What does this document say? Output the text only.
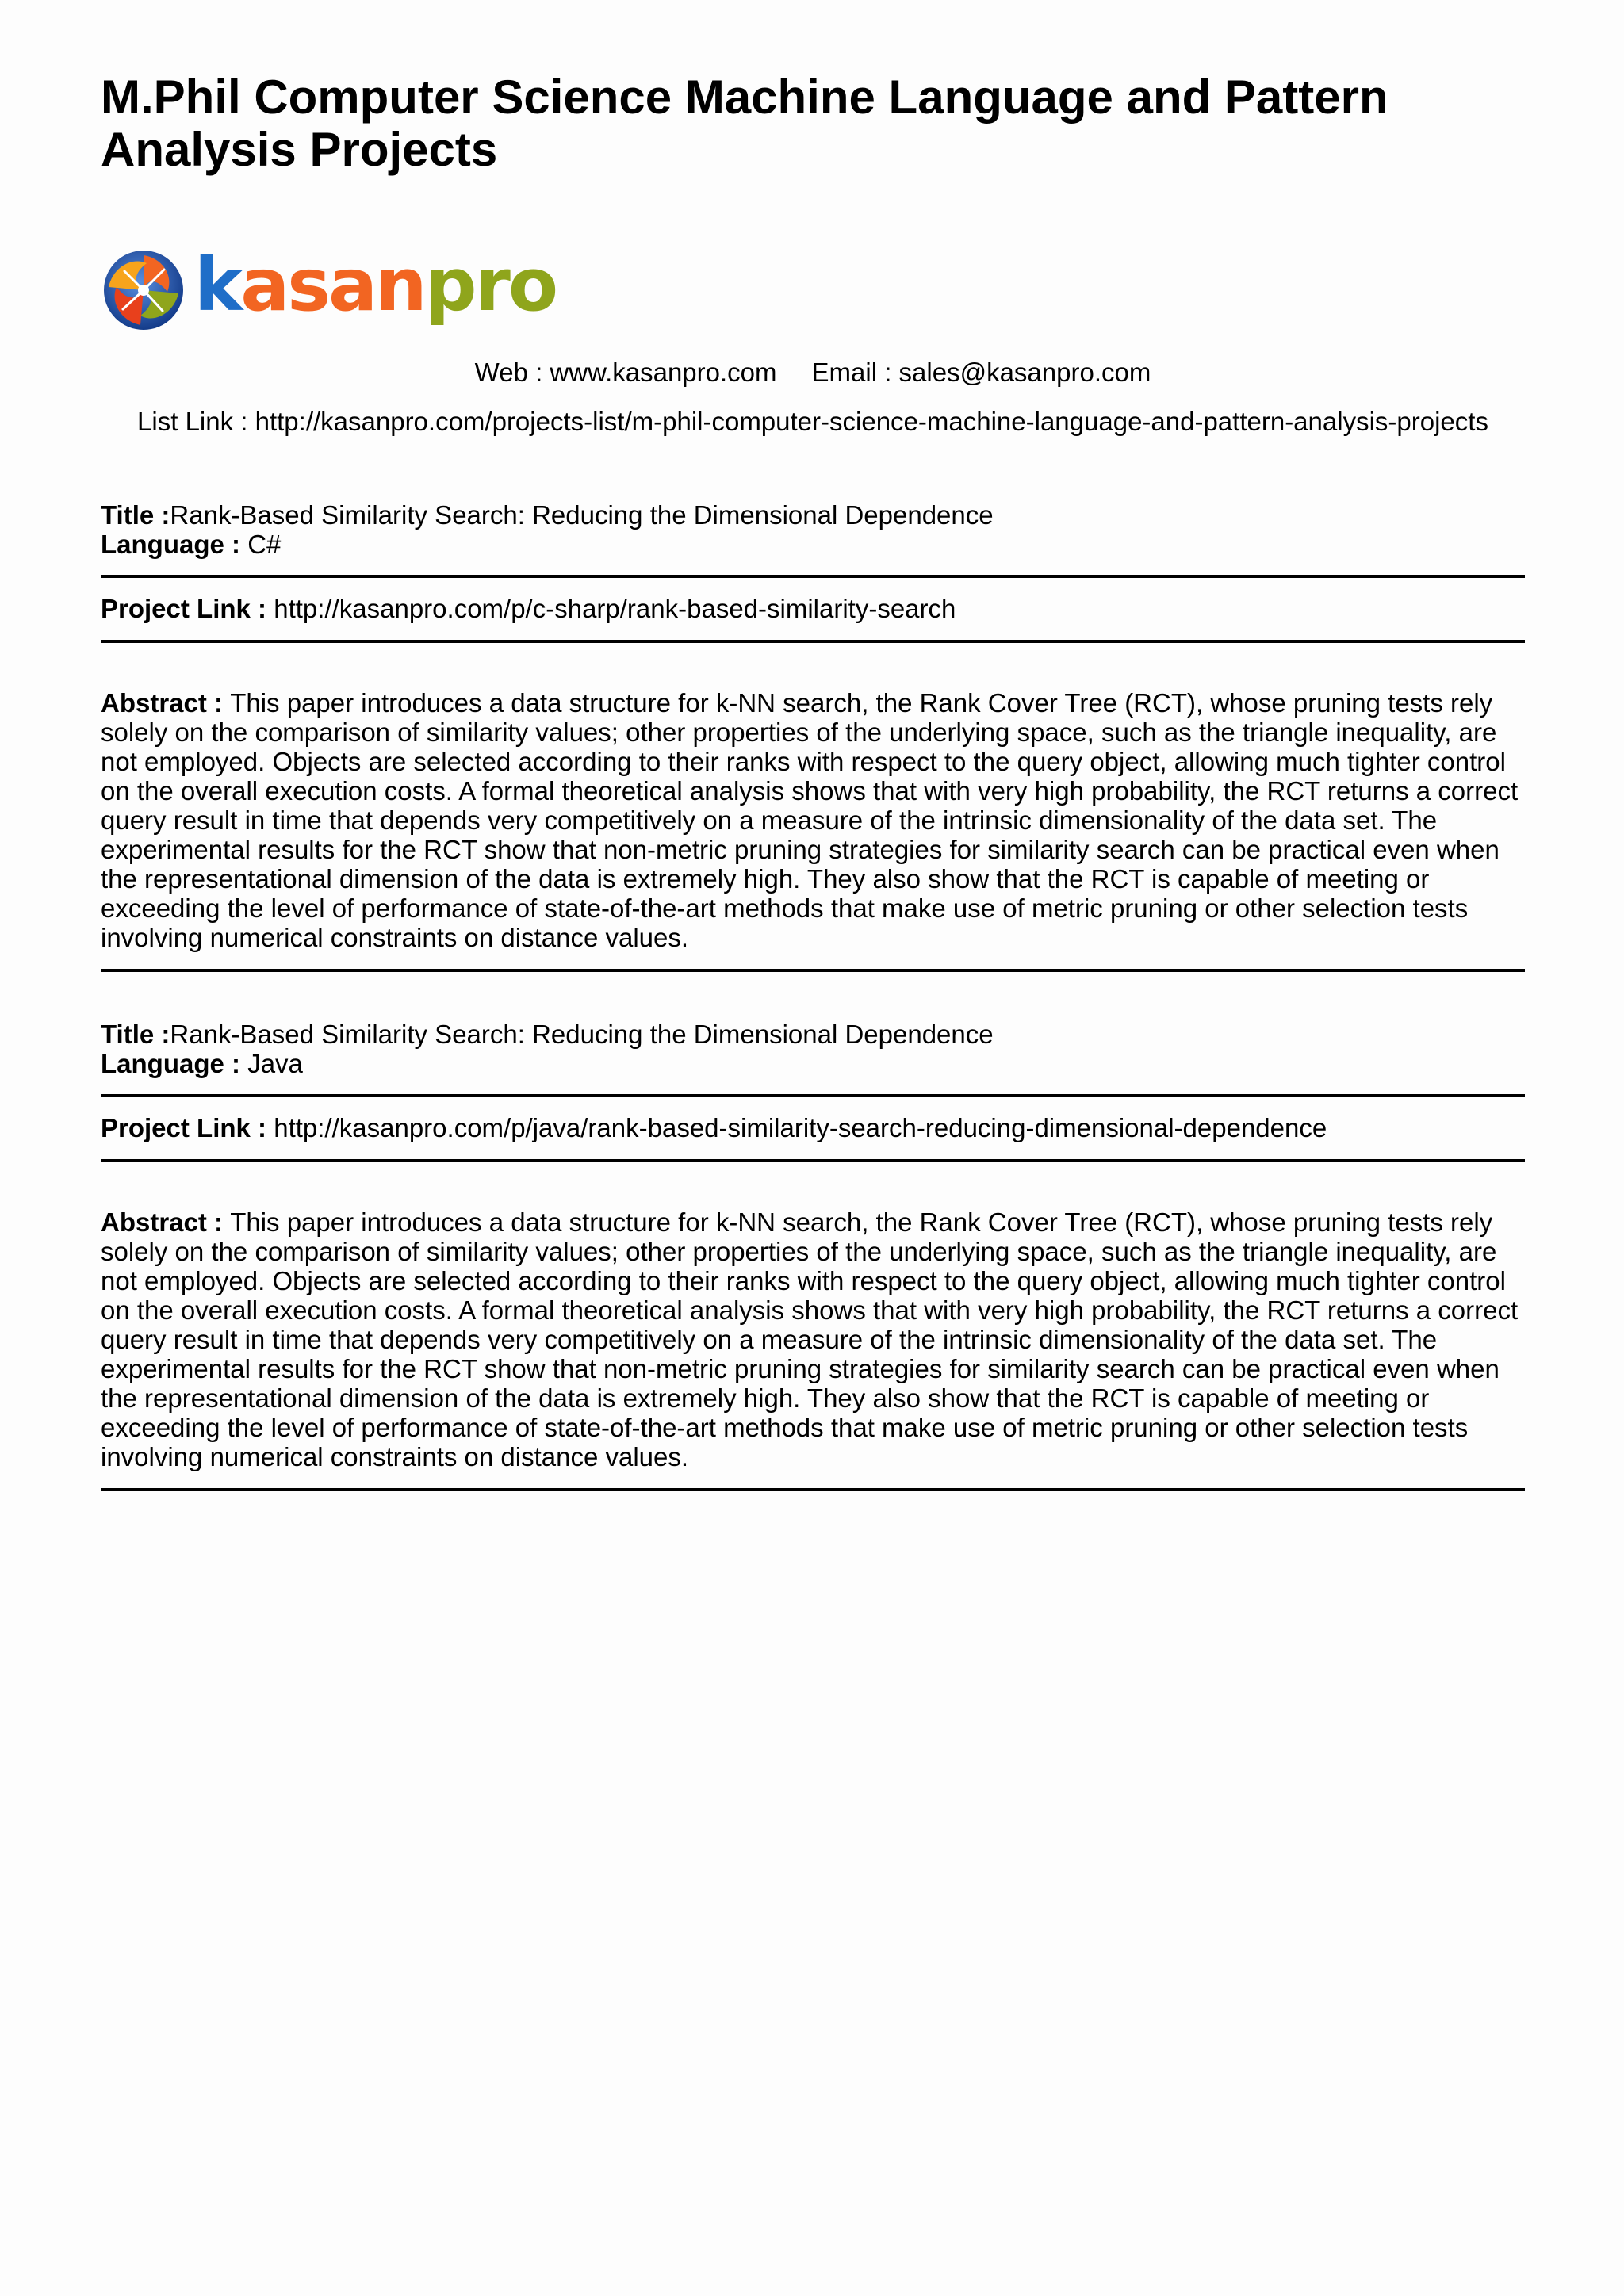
M.Phil Computer Science Machine Language and Pattern Analysis Projects
kasanpro
Web : www.kasanpro.com Email : sales@kasanpro.com
List Link : http://kasanpro.com/projects-list/m-phil-computer-science-machine-language-and-pattern-analysis-projects
Title :Rank-Based Similarity Search: Reducing the Dimensional Dependence
Language : C#
Project Link : http://kasanpro.com/p/c-sharp/rank-based-similarity-search
Abstract : This paper introduces a data structure for k-NN search, the Rank Cover Tree (RCT), whose pruning tests rely solely on the comparison of similarity values; other properties of the underlying space, such as the triangle inequality, are not employed. Objects are selected according to their ranks with respect to the query object, allowing much tighter control on the overall execution costs. A formal theoretical analysis shows that with very high probability, the RCT returns a correct query result in time that depends very competitively on a measure of the intrinsic dimensionality of the data set. The experimental results for the RCT show that non-metric pruning strategies for similarity search can be practical even when the representational dimension of the data is extremely high. They also show that the RCT is capable of meeting or exceeding the level of performance of state-of-the-art methods that make use of metric pruning or other selection tests involving numerical constraints on distance values.
Title :Rank-Based Similarity Search: Reducing the Dimensional Dependence
Language : Java
Project Link : http://kasanpro.com/p/java/rank-based-similarity-search-reducing-dimensional-dependence
Abstract : This paper introduces a data structure for k-NN search, the Rank Cover Tree (RCT), whose pruning tests rely solely on the comparison of similarity values; other properties of the underlying space, such as the triangle inequality, are not employed. Objects are selected according to their ranks with respect to the query object, allowing much tighter control on the overall execution costs. A formal theoretical analysis shows that with very high probability, the RCT returns a correct query result in time that depends very competitively on a measure of the intrinsic dimensionality of the data set. The experimental results for the RCT show that non-metric pruning strategies for similarity search can be practical even when the representational dimension of the data is extremely high. They also show that the RCT is capable of meeting or exceeding the level of performance of state-of-the-art methods that make use of metric pruning or other selection tests involving numerical constraints on distance values.
